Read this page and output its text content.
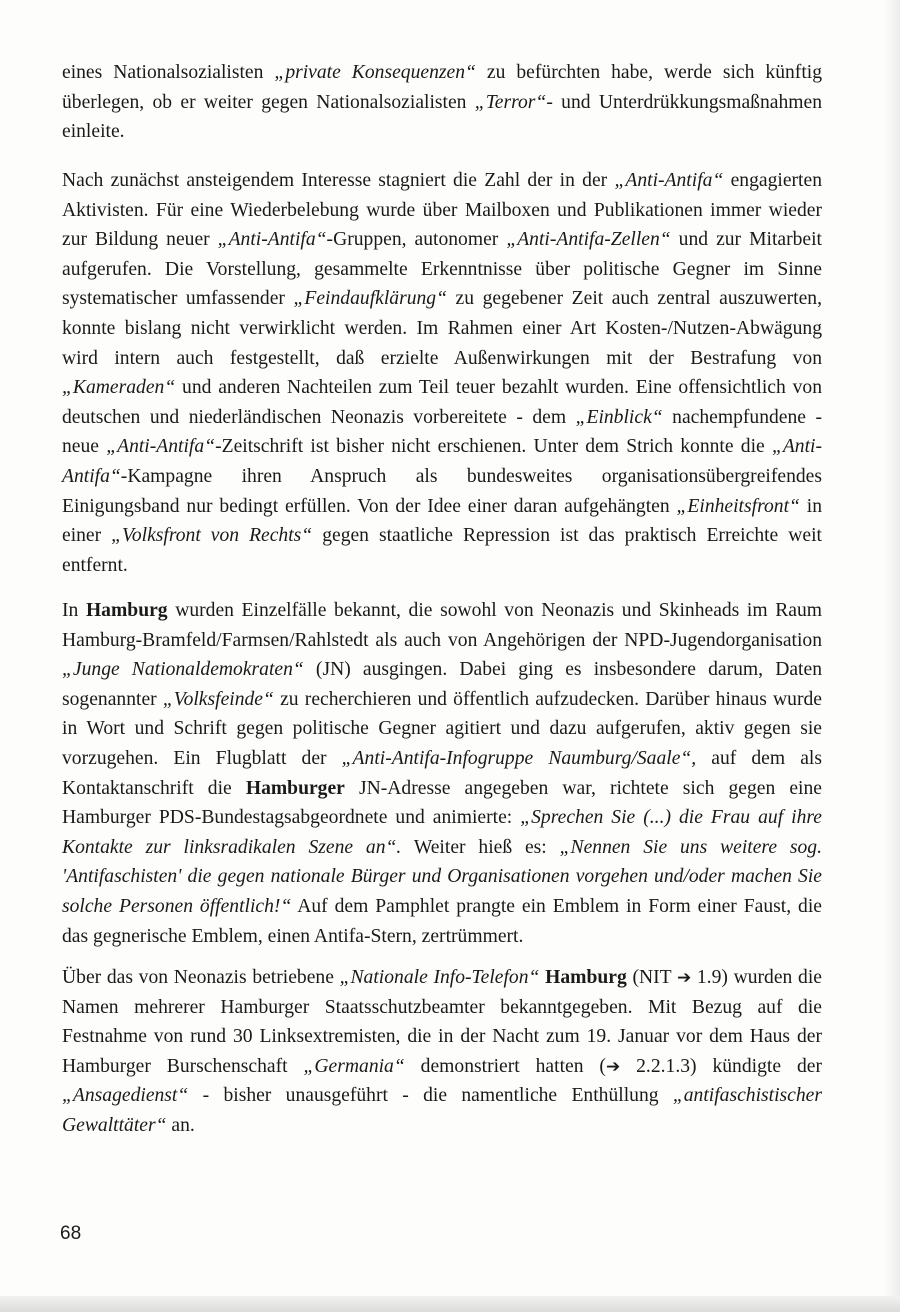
eines Nationalsozialisten „private Konsequenzen“ zu befürchten habe, werde sich künftig überlegen, ob er weiter gegen Nationalsozialisten „Terror“- und Unterdrükkungsmaßnahmen einleite.

Nach zunächst ansteigendem Interesse stagniert die Zahl der in der „Anti-Antifa“ engagierten Aktivisten. Für eine Wiederbelebung wurde über Mailboxen und Publikationen immer wieder zur Bildung neuer „Anti-Antifa“-Gruppen, autonomer „Anti-Antifa-Zellen“ und zur Mitarbeit aufgerufen. Die Vorstellung, gesammelte Erkenntnisse über politische Gegner im Sinne systematischer umfassender „Feindaufklärung“ zu gegebener Zeit auch zentral auszuwerten, konnte bislang nicht verwirklicht werden. Im Rahmen einer Art Kosten-/Nutzen-Abwägung wird intern auch festgestellt, daß erzielte Außenwirkungen mit der Bestrafung von „Kameraden“ und anderen Nachteilen zum Teil teuer bezahlt wurden. Eine offensichtlich von deutschen und niederländischen Neonazis vorbereitete - dem „Einblick“ nachempfundene - neue „Anti-Antifa“-Zeitschrift ist bisher nicht erschienen. Unter dem Strich konnte die „Anti-Antifa“-Kampagne ihren Anspruch als bundesweites organisationsübergreifendes Einigungsband nur bedingt erfüllen. Von der Idee einer daran aufgehängten „Einheitsfront“ in einer „Volksfront von Rechts“ gegen staatliche Repression ist das praktisch Erreichte weit entfernt.

In Hamburg wurden Einzelfälle bekannt, die sowohl von Neonazis und Skinheads im Raum Hamburg-Bramfeld/Farmsen/Rahlstedt als auch von Angehörigen der NPD-Jugendorganisation „Junge Nationaldemokraten“ (JN) ausgingen. Dabei ging es insbesondere darum, Daten sogenannter „Volksfeinde“ zu recherchieren und öffentlich aufzudecken. Darüber hinaus wurde in Wort und Schrift gegen politische Gegner agitiert und dazu aufgerufen, aktiv gegen sie vorzugehen. Ein Flugblatt der „Anti-Antifa-Infogruppe Naumburg/Saale“, auf dem als Kontaktanschrift die Hamburger JN-Adresse angegeben war, richtete sich gegen eine Hamburger PDS-Bundestagsabgeordnete und animierte: „Sprechen Sie (...) die Frau auf ihre Kontakte zur linksradikalen Szene an“. Weiter hieß es: „Nennen Sie uns weitere sog. 'Antifaschisten' die gegen nationale Bürger und Organisationen vorgehen und/oder machen Sie solche Personen öffentlich!“ Auf dem Pamphlet prangte ein Emblem in Form einer Faust, die das gegnerische Emblem, einen Antifa-Stern, zertrümmert.

Über das von Neonazis betriebene „Nationale Info-Telefon“ Hamburg (NIT ➔ 1.9) wurden die Namen mehrerer Hamburger Staatsschutzbeamter bekanntgegeben. Mit Bezug auf die Festnahme von rund 30 Linksextremisten, die in der Nacht zum 19. Januar vor dem Haus der Hamburger Burschenschaft „Germania“ demonstriert hatten (➔ 2.2.1.3) kündigte der „Ansagedienst“ - bisher unausgeführt - die namentliche Enthüllung „antifaschistischer Gewalttäter“ an.

68
